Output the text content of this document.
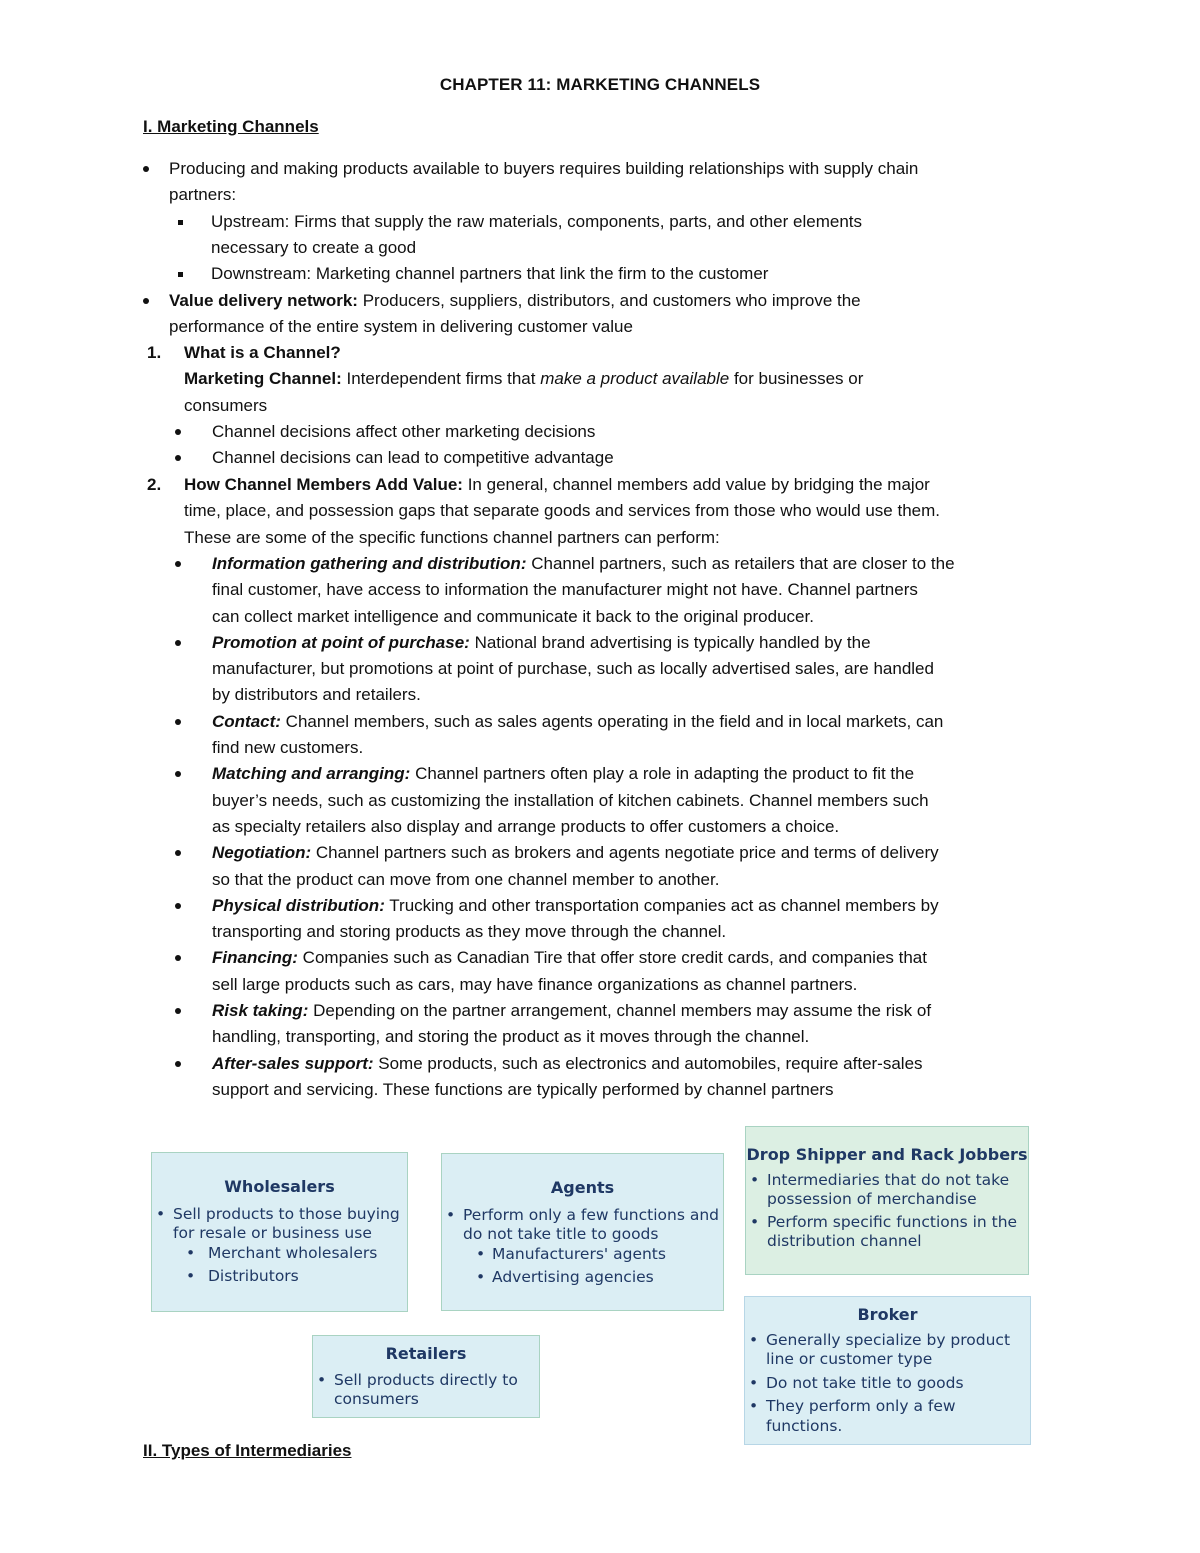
CHAPTER 11: MARKETING CHANNELS
I. Marketing Channels
Producing and making products available to buyers requires building relationships with supply chain
partners:
Upstream: Firms that supply the raw materials, components, parts, and other elements
necessary to create a good
Downstream: Marketing channel partners that link the firm to the customer
Value delivery network: Producers, suppliers, distributors, and customers who improve the
performance of the entire system in delivering customer value
1. What is a Channel?
Marketing Channel: Interdependent firms that make a product available for businesses or
consumers
Channel decisions affect other marketing decisions
Channel decisions can lead to competitive advantage
2. How Channel Members Add Value: In general, channel members add value by bridging the major
time, place, and possession gaps that separate goods and services from those who would use them.
These are some of the specific functions channel partners can perform:
Information gathering and distribution: Channel partners, such as retailers that are closer to the
final customer, have access to information the manufacturer might not have. Channel partners
can collect market intelligence and communicate it back to the original producer.
Promotion at point of purchase: National brand advertising is typically handled by the
manufacturer, but promotions at point of purchase, such as locally advertised sales, are handled
by distributors and retailers.
Contact: Channel members, such as sales agents operating in the field and in local markets, can
find new customers.
Matching and arranging: Channel partners often play a role in adapting the product to fit the
buyer’s needs, such as customizing the installation of kitchen cabinets. Channel members such
as specialty retailers also display and arrange products to offer customers a choice.
Negotiation: Channel partners such as brokers and agents negotiate price and terms of delivery
so that the product can move from one channel member to another.
Physical distribution: Trucking and other transportation companies act as channel members by
transporting and storing products as they move through the channel.
Financing: Companies such as Canadian Tire that offer store credit cards, and companies that
sell large products such as cars, may have finance organizations as channel partners.
Risk taking: Depending on the partner arrangement, channel members may assume the risk of
handling, transporting, and storing the product as it moves through the channel.
After-sales support: Some products, such as electronics and automobiles, require after-sales
support and servicing. These functions are typically performed by channel partners
Wholesalers
• Sell products to those buying
for resale or business use
• Merchant wholesalers
• Distributors
Agents
• Perform only a few functions and
do not take title to goods
• Manufacturers' agents
• Advertising agencies
Drop Shipper and Rack Jobbers
• Intermediaries that do not take
possession of merchandise
• Perform specific functions in the
distribution channel
Retailers
• Sell products directly to
consumers
Broker
• Generally specialize by product
line or customer type
• Do not take title to goods
• They perform only a few
functions.
II. Types of Intermediaries
